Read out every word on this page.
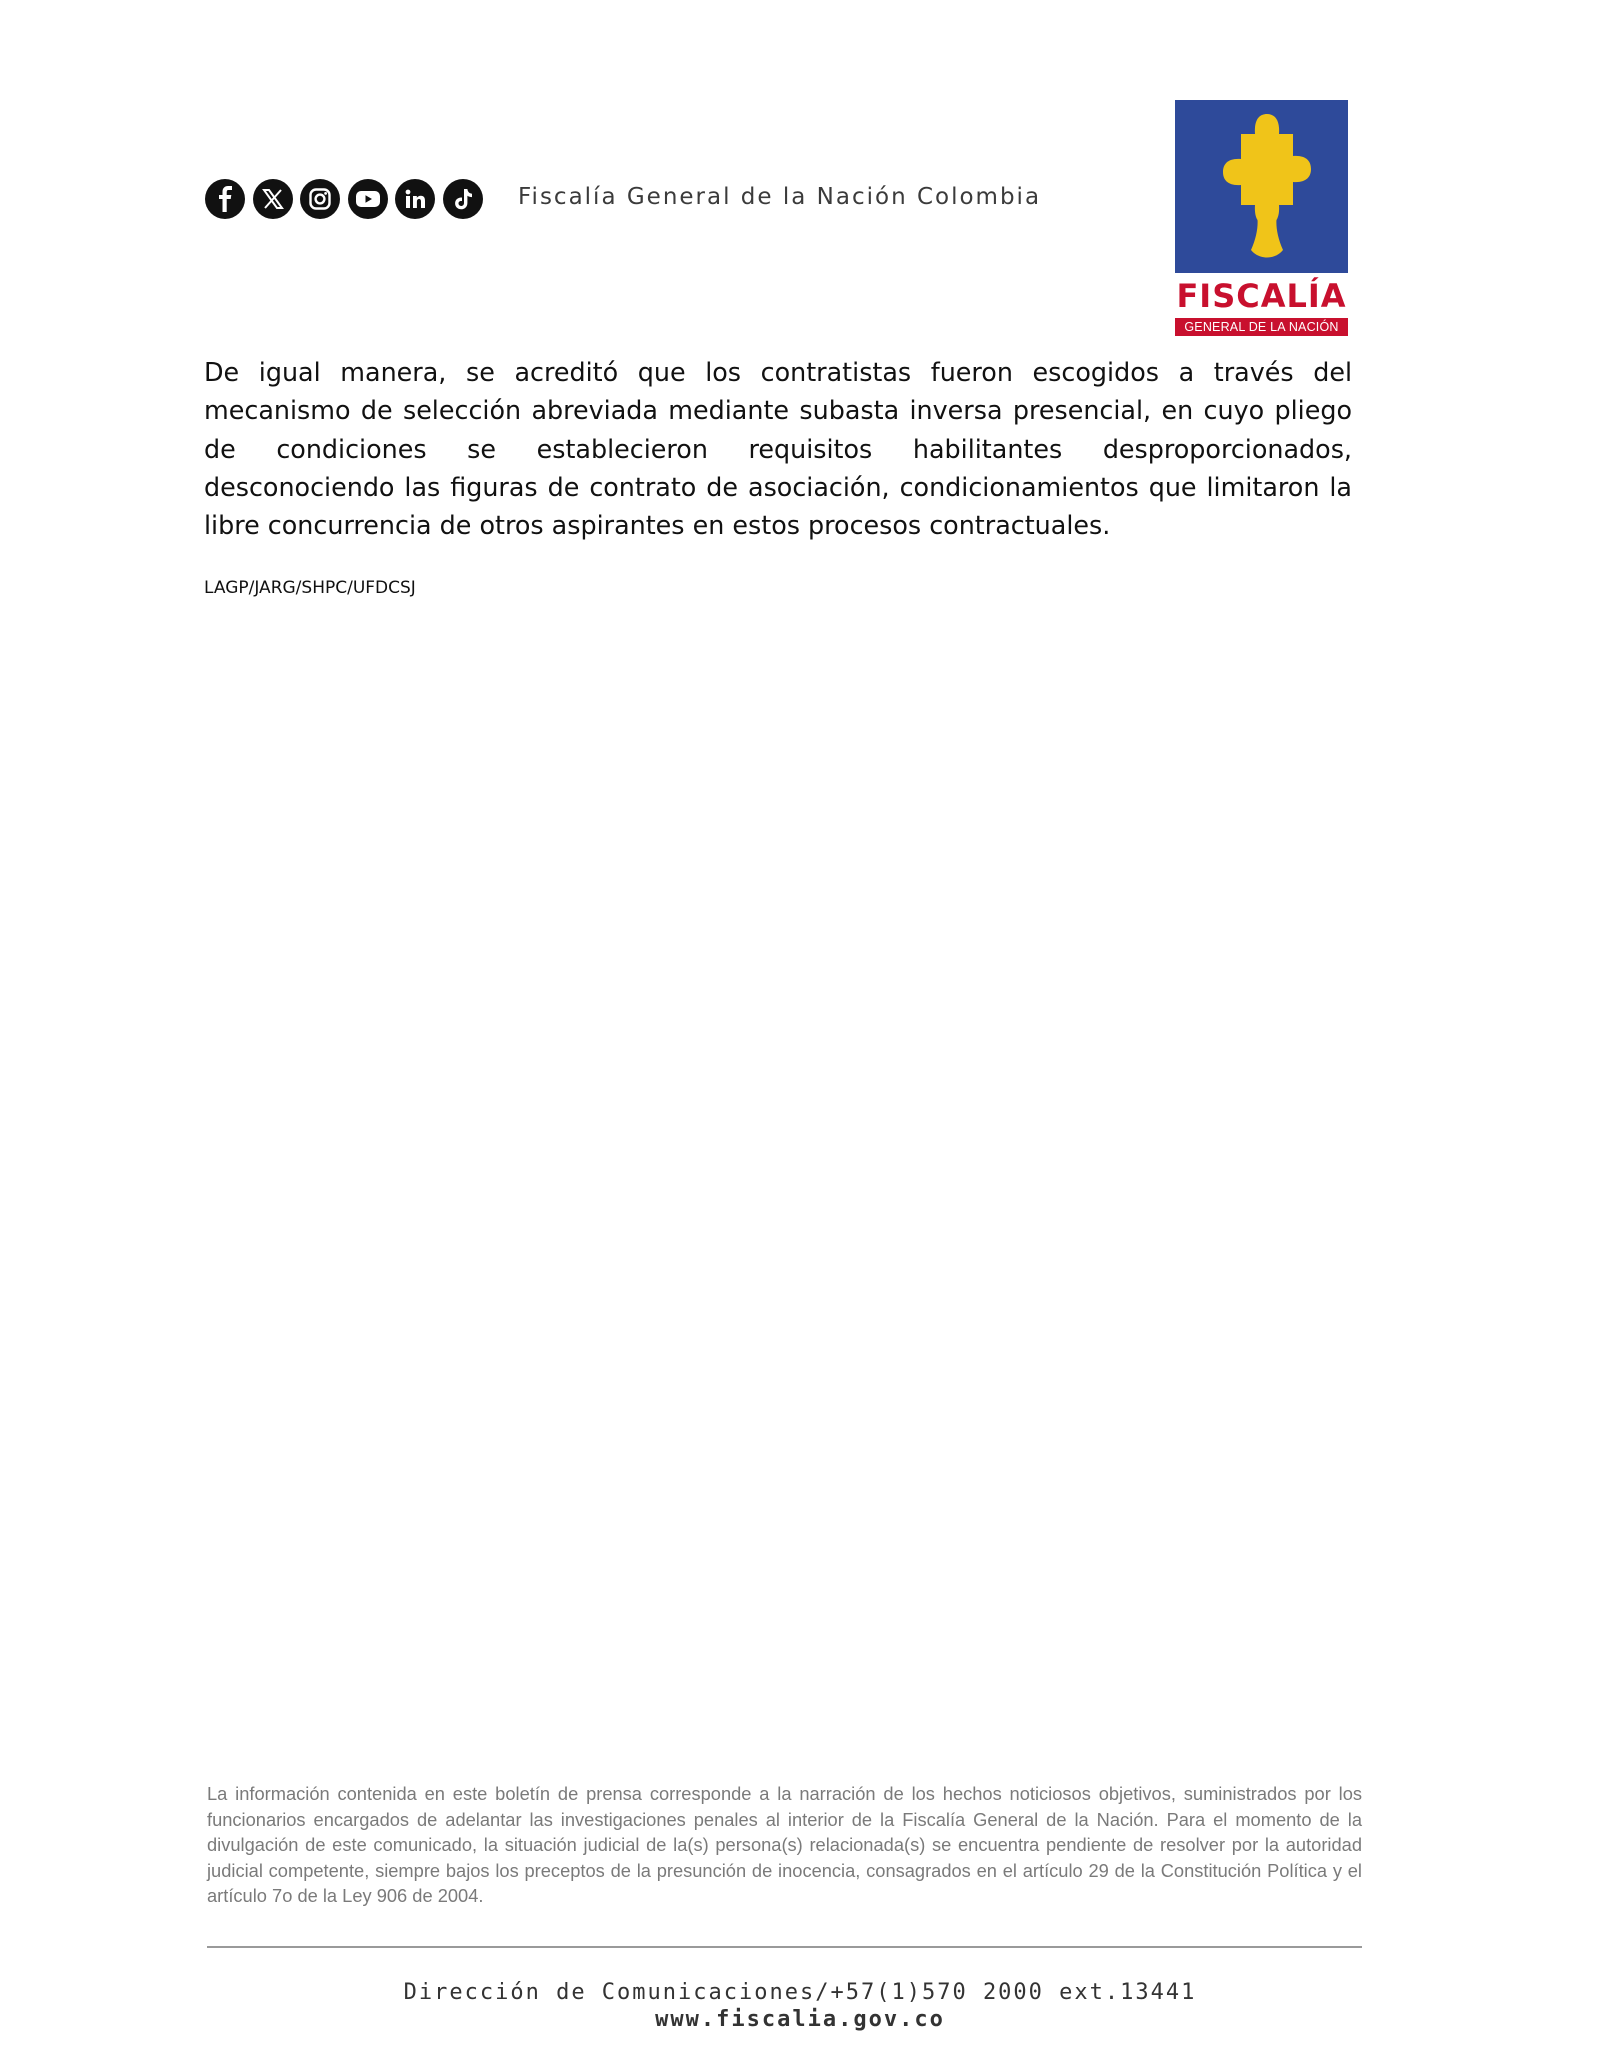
Fiscalía General de la Nación Colombia
FISCALÍA
GENERAL DE LA NACIÓN

De igual manera, se acreditó que los contratistas fueron escogidos a través del mecanismo de selección abreviada mediante subasta inversa presencial, en cuyo pliego de condiciones se establecieron requisitos habilitantes desproporcionados, desconociendo las figuras de contrato de asociación, condicionamientos que limitaron la libre concurrencia de otros aspirantes en estos procesos contractuales.

LAGP/JARG/SHPC/UFDCSJ

La información contenida en este boletín de prensa corresponde a la narración de los hechos noticiosos objetivos, suministrados por los funcionarios encargados de adelantar las investigaciones penales al interior de la Fiscalía General de la Nación. Para el momento de la divulgación de este comunicado, la situación judicial de la(s) persona(s) relacionada(s) se encuentra pendiente de resolver por la autoridad judicial competente, siempre bajos los preceptos de la presunción de inocencia, consagrados en el artículo 29 de la Constitución Política y el artículo 7o de la Ley 906 de 2004.

Dirección de Comunicaciones/+57(1)570 2000 ext.13441
www.fiscalia.gov.co
